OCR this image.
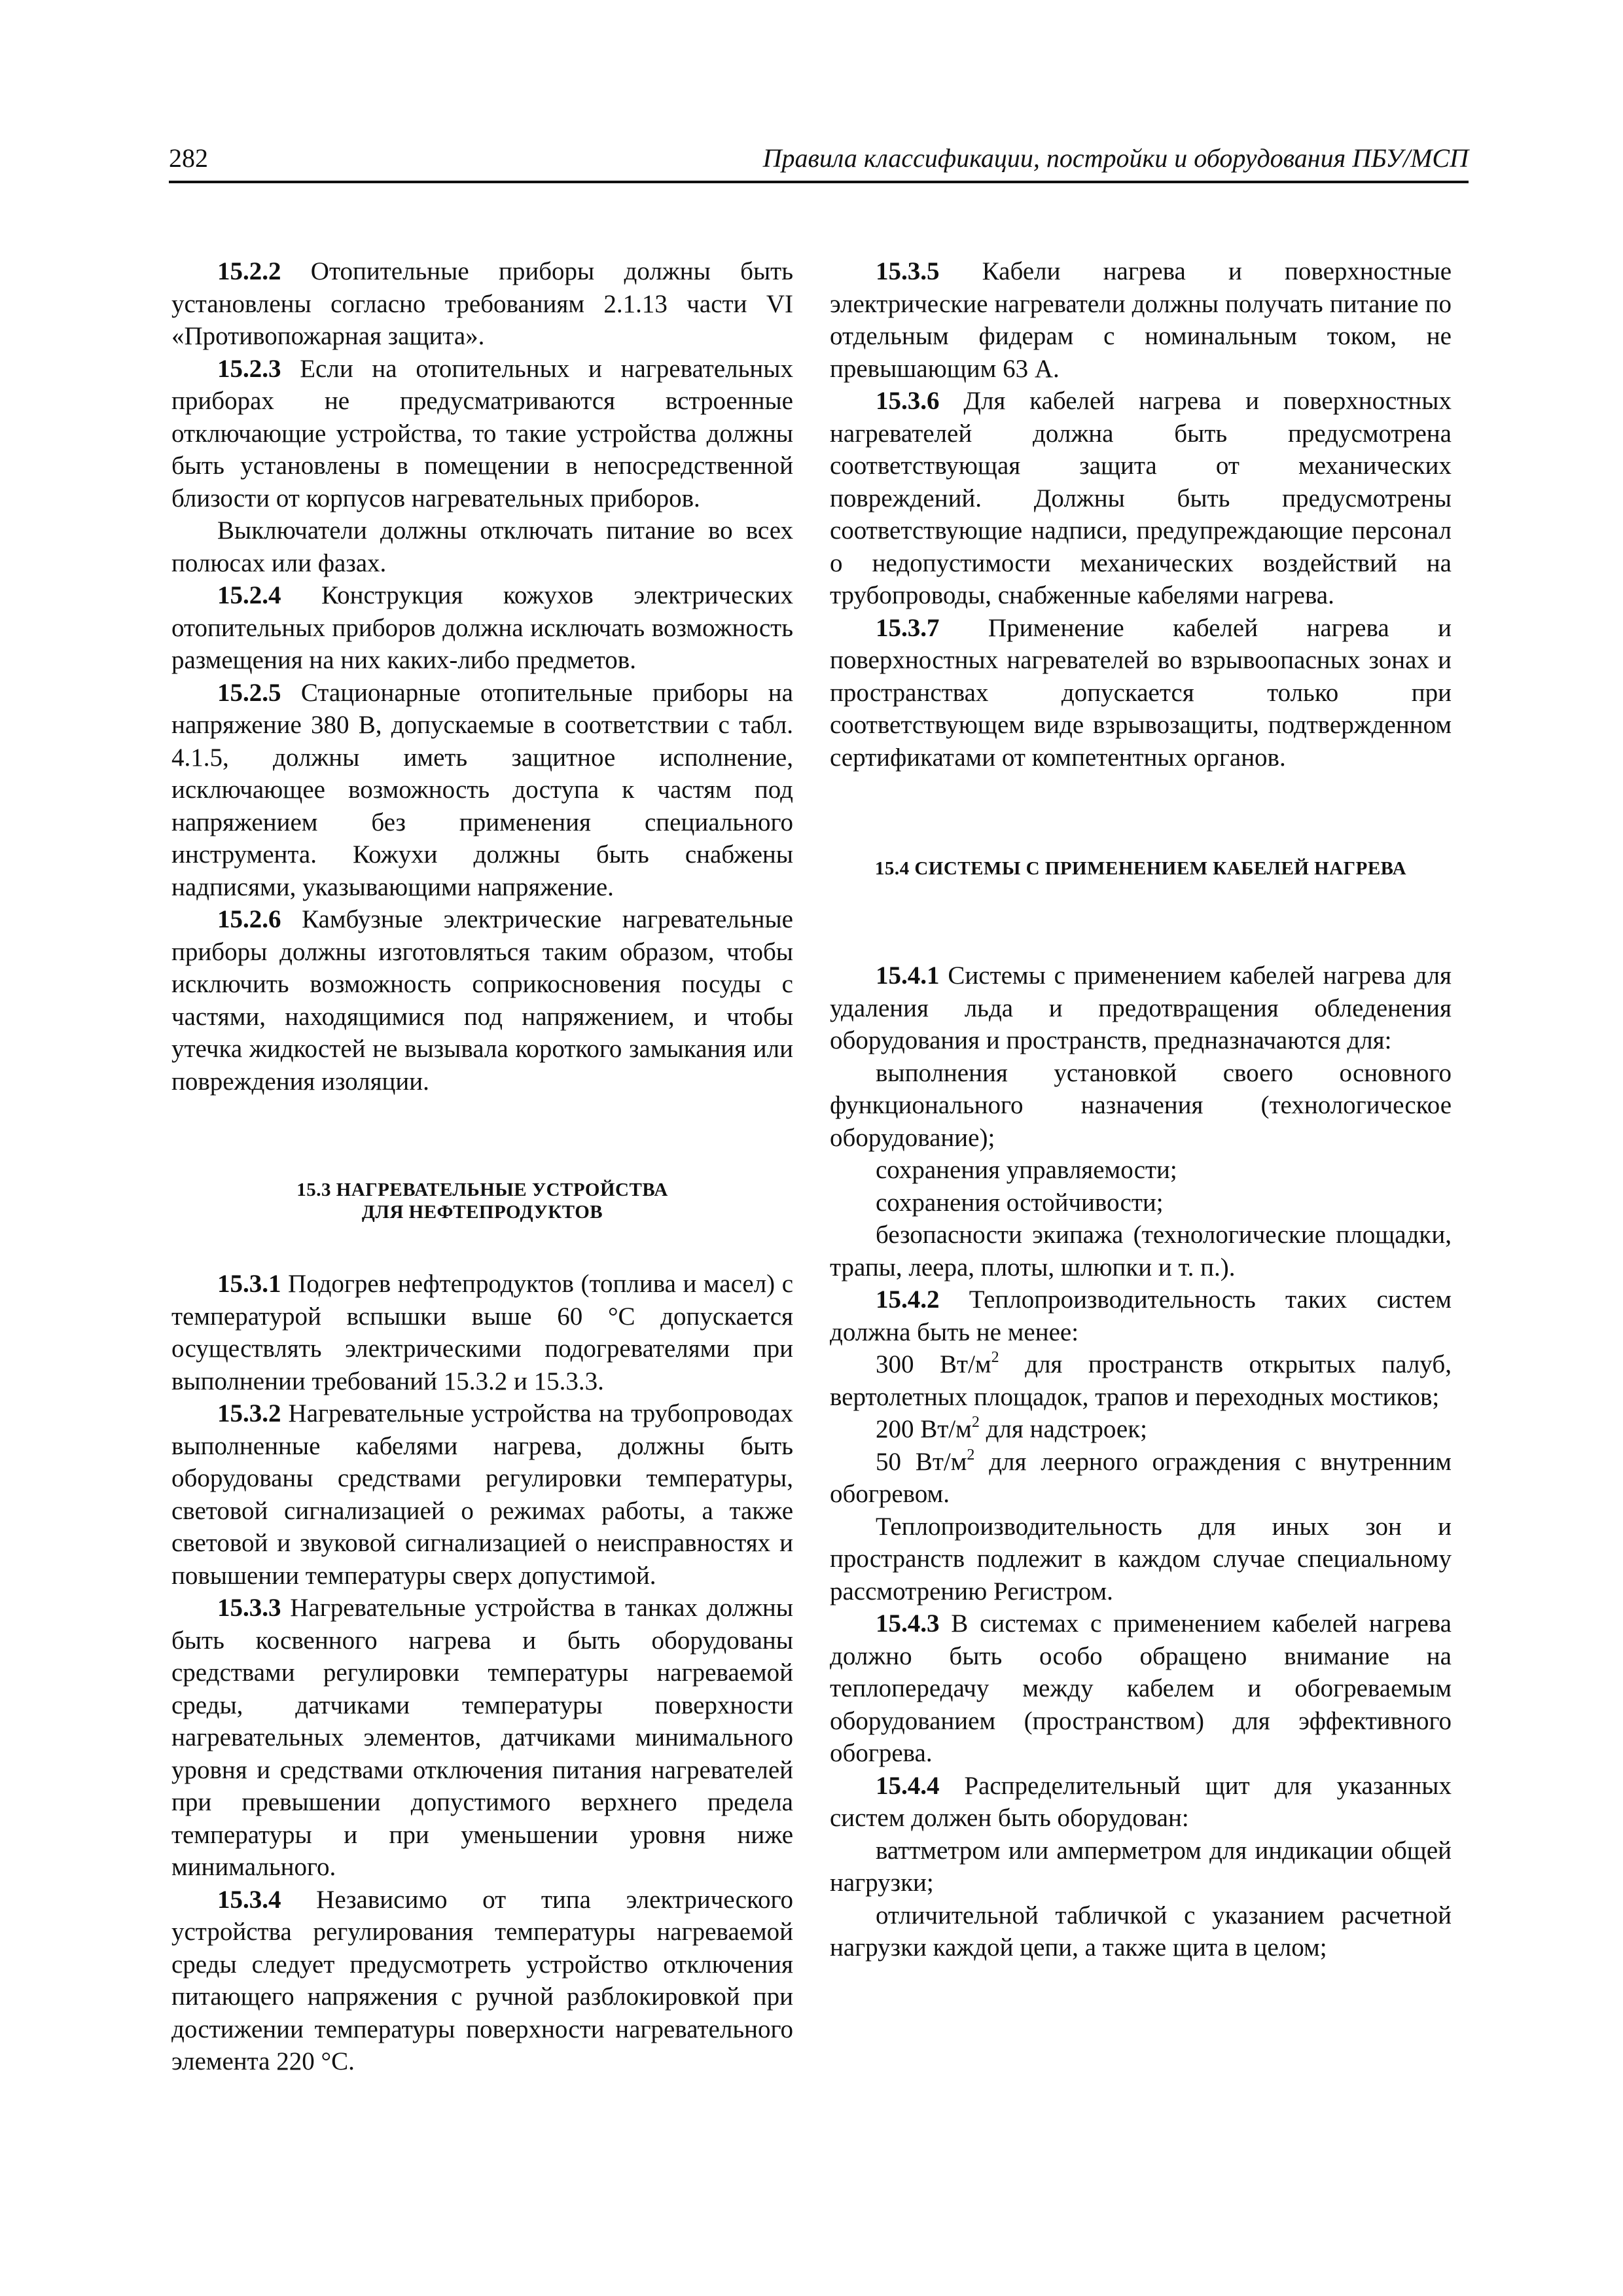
282	Правила классификации, постройки и оборудования ПБУ/МСП

15.2.2 Отопительные приборы должны быть установлены согласно требованиям 2.1.13 части VI «Противопожарная защита».

15.2.3 Если на отопительных и нагревательных приборах не предусматриваются встроенные отключающие устройства, то такие устройства должны быть установлены в помещении в непосредственной близости от корпусов нагревательных приборов.

Выключатели должны отключать питание во всех полюсах или фазах.

15.2.4 Конструкция кожухов электрических отопительных приборов должна исключать возможность размещения на них каких-либо предметов.

15.2.5 Стационарные отопительные приборы на напряжение 380 В, допускаемые в соответствии с табл. 4.1.5, должны иметь защитное исполнение, исключающее возможность доступа к частям под напряжением без применения специального инструмента. Кожухи должны быть снабжены надписями, указывающими напряжение.

15.2.6 Камбузные электрические нагревательные приборы должны изготовляться таким образом, чтобы исключить возможность соприкосновения посуды с частями, находящимися под напряжением, и чтобы утечка жидкостей не вызывала короткого замыкания или повреждения изоляции.

15.3 НАГРЕВАТЕЛЬНЫЕ УСТРОЙСТВА
ДЛЯ НЕФТЕПРОДУКТОВ

15.3.1 Подогрев нефтепродуктов (топлива и масел) с температурой вспышки выше 60 °С допускается осуществлять электрическими подогревателями при выполнении требований 15.3.2 и 15.3.3.

15.3.2 Нагревательные устройства на трубопроводах выполненные кабелями нагрева, должны быть оборудованы средствами регулировки температуры, световой сигнализацией о режимах работы, а также световой и звуковой сигнализацией о неисправностях и повышении температуры сверх допустимой.

15.3.3 Нагревательные устройства в танках должны быть косвенного нагрева и быть оборудованы средствами регулировки температуры нагреваемой среды, датчиками температуры поверхности нагревательных элементов, датчиками минимального уровня и средствами отключения питания нагревателей при превышении допустимого верхнего предела температуры и при уменьшении уровня ниже минимального.

15.3.4 Независимо от типа электрического устройства регулирования температуры нагреваемой среды следует предусмотреть устройство отключения питающего напряжения с ручной разблокировкой при достижении температуры поверхности нагревательного элемента 220 °С.

15.3.5 Кабели нагрева и поверхностные электрические нагреватели должны получать питание по отдельным фидерам с номинальным током, не превышающим 63 А.

15.3.6 Для кабелей нагрева и поверхностных нагревателей должна быть предусмотрена соответствующая защита от механических повреждений. Должны быть предусмотрены соответствующие надписи, предупреждающие персонал о недопустимости механических воздействий на трубопроводы, снабженные кабелями нагрева.

15.3.7 Применение кабелей нагрева и поверхностных нагревателей во взрывоопасных зонах и пространствах допускается только при соответствующем виде взрывозащиты, подтвержденном сертификатами от компетентных органов.

15.4 СИСТЕМЫ С ПРИМЕНЕНИЕМ КАБЕЛЕЙ НАГРЕВА

15.4.1 Системы с применением кабелей нагрева для удаления льда и предотвращения обледенения оборудования и пространств, предназначаются для:

выполнения установкой своего основного функционального назначения (технологическое оборудование);

сохранения управляемости;

сохранения остойчивости;

безопасности экипажа (технологические площадки, трапы, леера, плоты, шлюпки и т. п.).

15.4.2 Теплопроизводительность таких систем должна быть не менее:

300 $Вт/м^2$ для пространств открытых палуб, вертолетных площадок, трапов и переходных мостиков;

200 $Вт/м^2$ для надстроек;

50 $Вт/м^2$ для леерного ограждения с внутренним обогревом.

Теплопроизводительность для иных зон и пространств подлежит в каждом случае специальному рассмотрению Регистром.

15.4.3 В системах с применением кабелей нагрева должно быть особо обращено внимание на теплопередачу между кабелем и обогреваемым оборудованием (пространством) для эффективного обогрева.

15.4.4 Распределительный щит для указанных систем должен быть оборудован:

ваттметром или амперметром для индикации общей нагрузки;

отличительной табличкой с указанием расчетной нагрузки каждой цепи, а также щита в целом;
